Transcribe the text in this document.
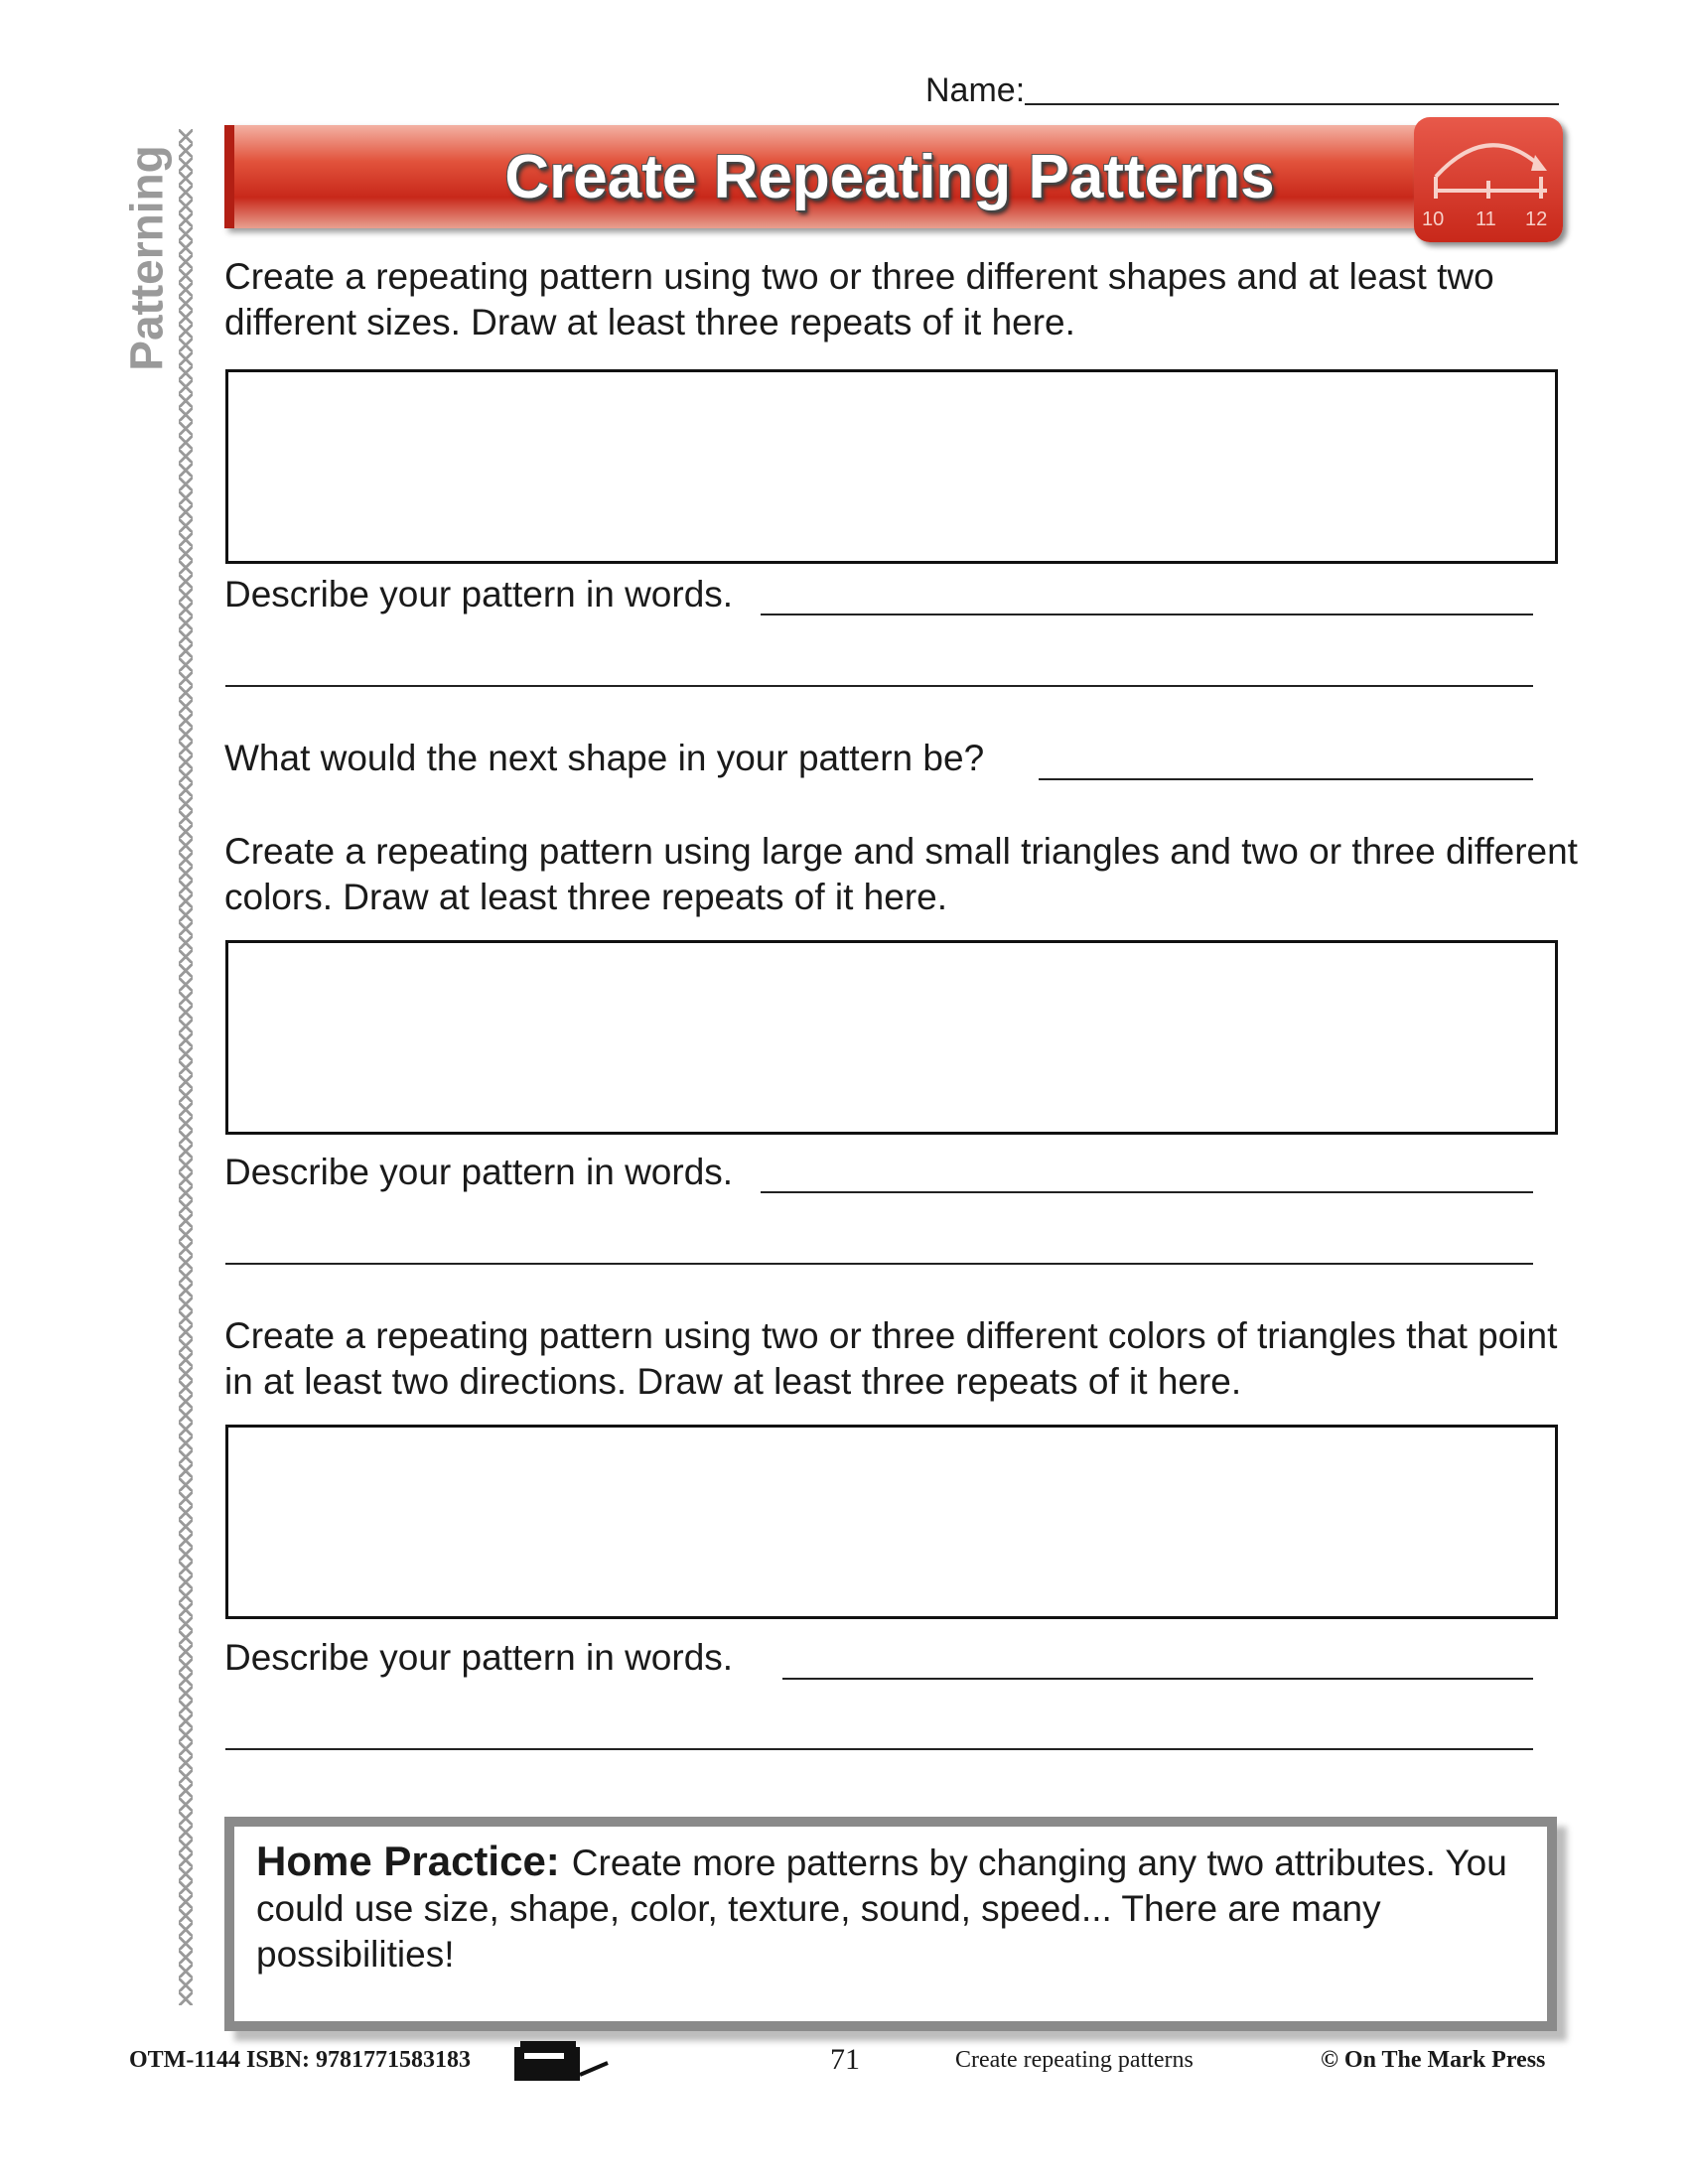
Name:
Patterning	Create Repeating Patterns
10 11 12
Create a repeating pattern using two or three different shapes and at least two different sizes. Draw at least three repeats of it here.
Describe your pattern in words.
What would the next shape in your pattern be?
Create a repeating pattern using large and small triangles and two or three different colors. Draw at least three repeats of it here.
Describe your pattern in words.
Create a repeating pattern using two or three different colors of triangles that point in at least two directions. Draw at least three repeats of it here.
Describe your pattern in words.
Home Practice: Create more patterns by changing any two attributes. You could use size, shape, color, texture, sound, speed... There are many possibilities!
OTM-1144 ISBN: 9781771583183	71	Create repeating patterns	© On The Mark Press
